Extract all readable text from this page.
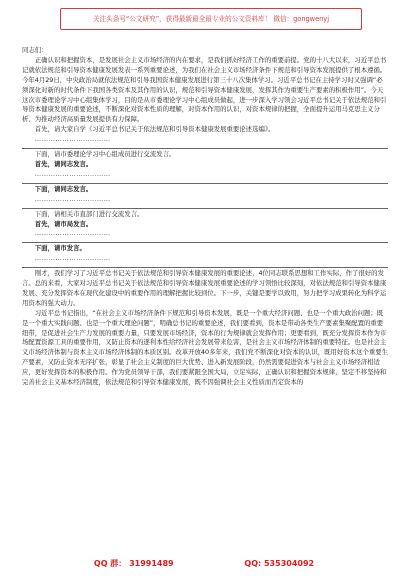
关注头条号“公文研究”，获得最新最全最专业的公文资料库！ 微信：gongwenyj

同志们：

正确认识和把握资本，是发展社会主义市场经济的内在要求，是我们抓好经济工作的重要前提。党的十八大以来，习近平总书记就依法规范和引导资本健康发展发表一系列重要论述，为我们在社会主义市场经济条件下规范和引导资本发展提供了根本遵循。今年4月29日，中央政治局就依法规范和引导我国资本健康发展进行第三十八次集体学习。习近平总书记在主持学习时又强调“必须深化对新的时代条件下我国各类资本及其作用的认识，规范和引导资本健康发展，发挥其作为重要生产要素的积极作用”。今天这次市委理论学习中心组集体学习，目的是从市委理论学习中心组成员做起，进一步深入学习领会习近平总书记关于依法规范和引导资本健康发展的重要论述，不断深化对资本性质的理解，对资本作用的认识，对资本规律的把握，全面提升运用马克思主义分析、为推动经济高质量发展提供有力保障。

首先，请大家自学《习近平总书记关于依法规范和引导资本健康发展重要论述选编》。

……………………………

下面，请市委理论学习中心组成员进行交流发言。

首先，请同志发言。

……………………………

下面，请同志发言。

……………………………

下面，请相关市直部门进行交流发言。

首先，请市局发言。

……………………………

下面，请市发言。

……………………………

刚才，我们学习了习近平总书记关于依法规范和引导资本健康发展的重要论述，4位同志联系思想和工作实际，作了很好的发言。总的来看，大家对习近平总书记关于依法规范和引导资本健康发展重要论述的学习领悟比较深刻，对依法规范和引导资本健康发展、充分发挥资本在现代化建设中的重要作用的理解把握比较到位。下一步，关键是要学以致用，努力把学习成果转化为科学运用资本的强大动力。

习近平总书记指出，“在社会主义市场经济条件下规范和引导资本发展，既是一个重大经济问题、也是一个重大政治问题；既是一个重大实践问题、也是一个重大理论问题”，明确总书记的重要论述，我们要看到，资本是带动各类生产要素集聚配置的重要纽带，是促进社会生产力发展的重要力量，只要发展市场经济，资本的行为规律就会发挥作用；更要看到，既充分发挥资本作为市场配置资源工具的重要作用，又防止资本的逐利本性给经济社会发展带来危害，是社会主义市场经济体制的重要特征。也是社会主义市场经济体制与资本主义市场经济体制的本质区别。改革开放40多年来，我们党不断深化对资本的认识，既用好资本这个重要生产要素，又防止资本无序扩张，彰显了社会主义制度的巨大优势、进入新发展阶段，仍然需要促进资本与社会主义市场经济相适应，更好发挥资本的积极作用。作为党员领导干部，我们要紧跟全国大局，立足实际，正确认识和把握资本规律，坚定不移坚持和完善社会主义基本经济制度，依法规范和引导资本健康发展，既不因强调社会主义性质而否定资本的

QQ 群： 31991489	QQ: 535304092
